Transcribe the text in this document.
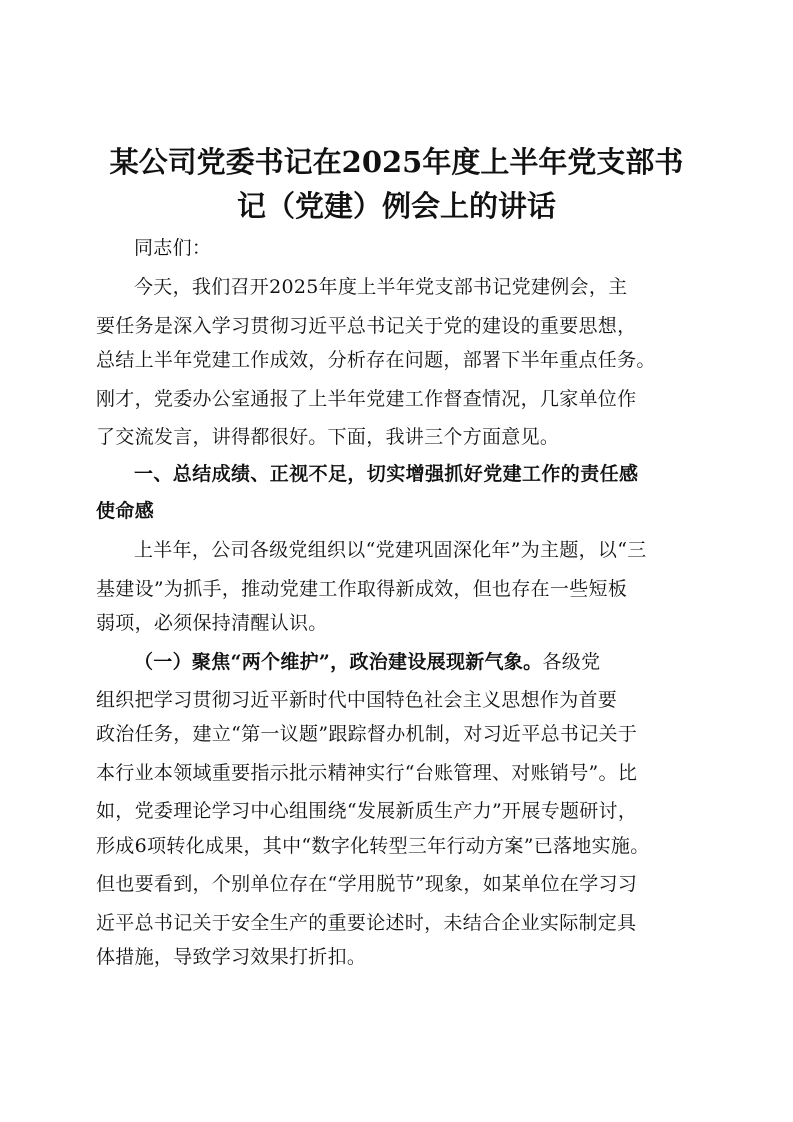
某公司党委书记在2025年度上半年党支部书
记（党建）例会上的讲话

同志们：

今天，我们召开2025年度上半年党支部书记党建例会，主

要任务是深入学习贯彻习近平总书记关于党的建设的重要思想，

总结上半年党建工作成效，分析存在问题，部署下半年重点任务。

刚才，党委办公室通报了上半年党建工作督查情况，几家单位作

了交流发言，讲得都很好。下面，我讲三个方面意见。

一、总结成绩、正视不足，切实增强抓好党建工作的责任感

使命感

上半年，公司各级党组织以“党建巩固深化年”为主题，以“三

基建设”为抓手，推动党建工作取得新成效，但也存在一些短板

弱项，必须保持清醒认识。

（一）聚焦“两个维护”，政治建设展现新气象。各级党

组织把学习贯彻习近平新时代中国特色社会主义思想作为首要

政治任务，建立“第一议题”跟踪督办机制，对习近平总书记关于

本行业本领域重要指示批示精神实行“台账管理、对账销号”。比

如，党委理论学习中心组围绕“发展新质生产力”开展专题研讨，

形成6项转化成果，其中“数字化转型三年行动方案”已落地实施。

但也要看到，个别单位存在“学用脱节”现象，如某单位在学习习

近平总书记关于安全生产的重要论述时，未结合企业实际制定具

体措施，导致学习效果打折扣。
